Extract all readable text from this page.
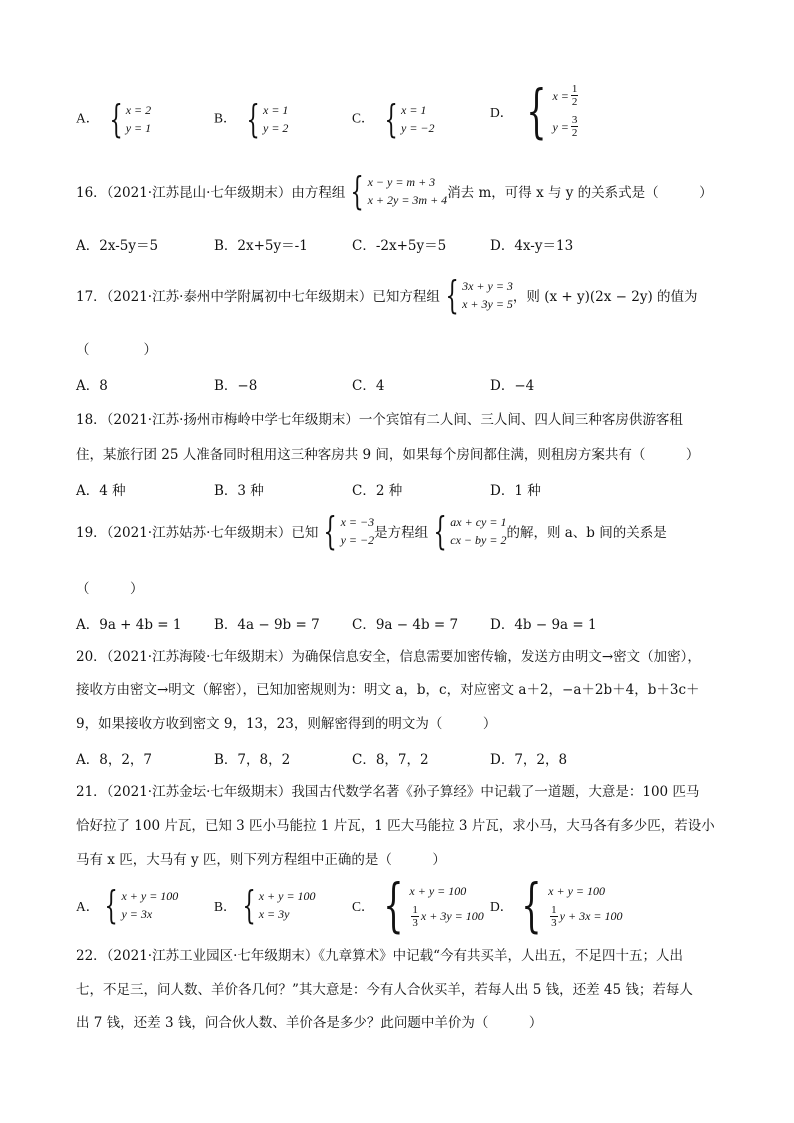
A． { x = 2
y = 1
B． { x = 1
y = 2
C． { x = 1
y = −2
D． { $x = \frac{1}{2}$
$y = \frac{3}{2}$
16．（2021·江苏昆山·七年级期末）由方程组 { x − y = m + 3
x + 2y = 3m + 4 消去 m，可得 x 与 y 的关系式是（　　　）
A．2x-5y＝5	B．2x+5y＝-1	C．-2x+5y＝5	D．4x-y＝13
17．（2021·江苏·泰州中学附属初中七年级期末）已知方程组 { 3x + y = 3
x + 3y = 5 ，则 (x + y)(2x − 2y) 的值为
（　　　　）
A．8	B．−8	C．4	D．−4
18．（2021·江苏·扬州市梅岭中学七年级期末）一个宾馆有二人间、三人间、四人间三种客房供游客租
住，某旅行团 25 人准备同时租用这三种客房共 9 间，如果每个房间都住满，则租房方案共有（　　　）
A．4 种	B．3 种	C．2 种	D．1 种
19．（2021·江苏姑苏·七年级期末）已知 { x = −3
y = −2 是方程组 { ax + cy = 1
cx − by = 2 的解，则 a、b 间的关系是
（　　　）
A．9a + 4b = 1 B．4a − 9b = 7 C．9a − 4b = 7 D．4b − 9a = 1
20．（2021·江苏海陵·七年级期末）为确保信息安全，信息需要加密传输，发送方由明文→密文（加密），
接收方由密文→明文（解密），已知加密规则为：明文 a，b，c，对应密文 a＋2，−a＋2b＋4，b＋3c＋
9，如果接收方收到密文 9，13，23，则解密得到的明文为（　　　）
A．8，2，7	B．7，8，2	C．8，7，2	D．7，2，8
21．（2021·江苏金坛·七年级期末）我国古代数学名著《孙子算经》中记载了一道题，大意是：100 匹马
恰好拉了 100 片瓦，已知 3 匹小马能拉 1 片瓦，1 匹大马能拉 3 片瓦，求小马，大马各有多少匹，若设小
马有 x 匹，大马有 y 匹，则下列方程组中正确的是（　　　）
A． { x + y = 100
y = 3x	B． { x + y = 100
x = 3y	C． { x + y = 100
$\frac{1}{3}$ x + 3y = 100
D． { x + y = 100
$\frac{1}{3}$ y + 3x = 100
22．（2021·江苏工业园区·七年级期末）《九章算术》中记载“今有共买羊，人出五，不足四十五；人出
七，不足三，问人数、羊价各几何？”其大意是：今有人合伙买羊，若每人出 5 钱，还差 45 钱；若每人
出 7 钱，还差 3 钱，问合伙人数、羊价各是多少？此问题中羊价为（　　　）
